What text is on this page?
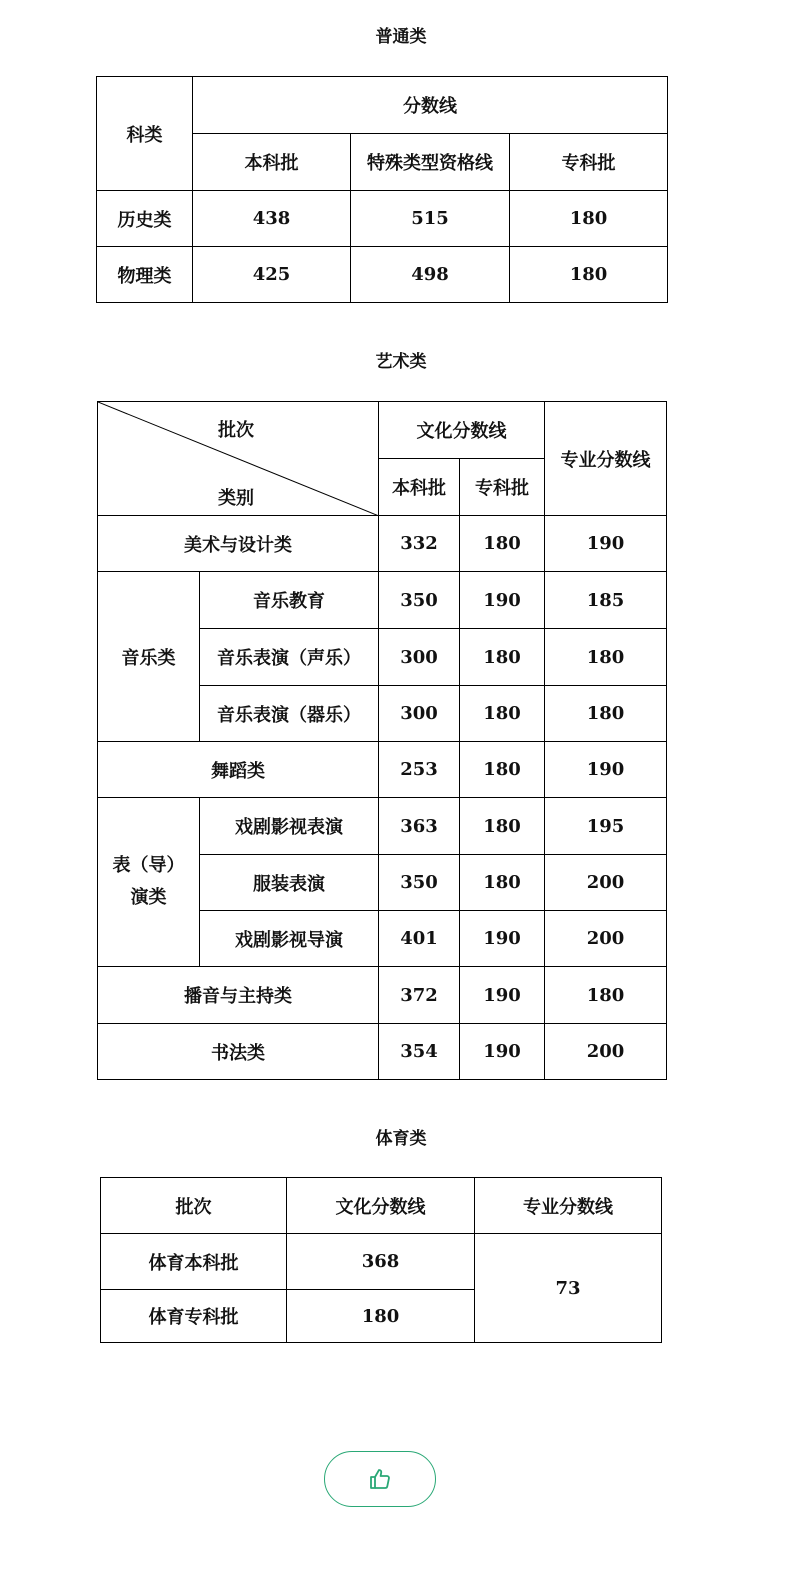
普通类
科类	分数线		
	本科批	特殊类型资格线	专科批
历史类	438	515	180
物理类	425	498	180
艺术类
批次
类别		文化分数线		专业分数线
		本科批	专科批	
美术与设计类		332	180	190
音乐类	音乐教育	350	190	185
	音乐表演（声乐）	300	180	180
	音乐表演（器乐）	300	180	180
舞蹈类		253	180	190
表（导）
演类	戏剧影视表演	363	180	195
	服装表演	350	180	200
	戏剧影视导演	401	190	200
播音与主持类		372	190	180
书法类		354	190	200
体育类
批次	文化分数线	专业分数线
体育本科批	368	73
体育专科批	180	
